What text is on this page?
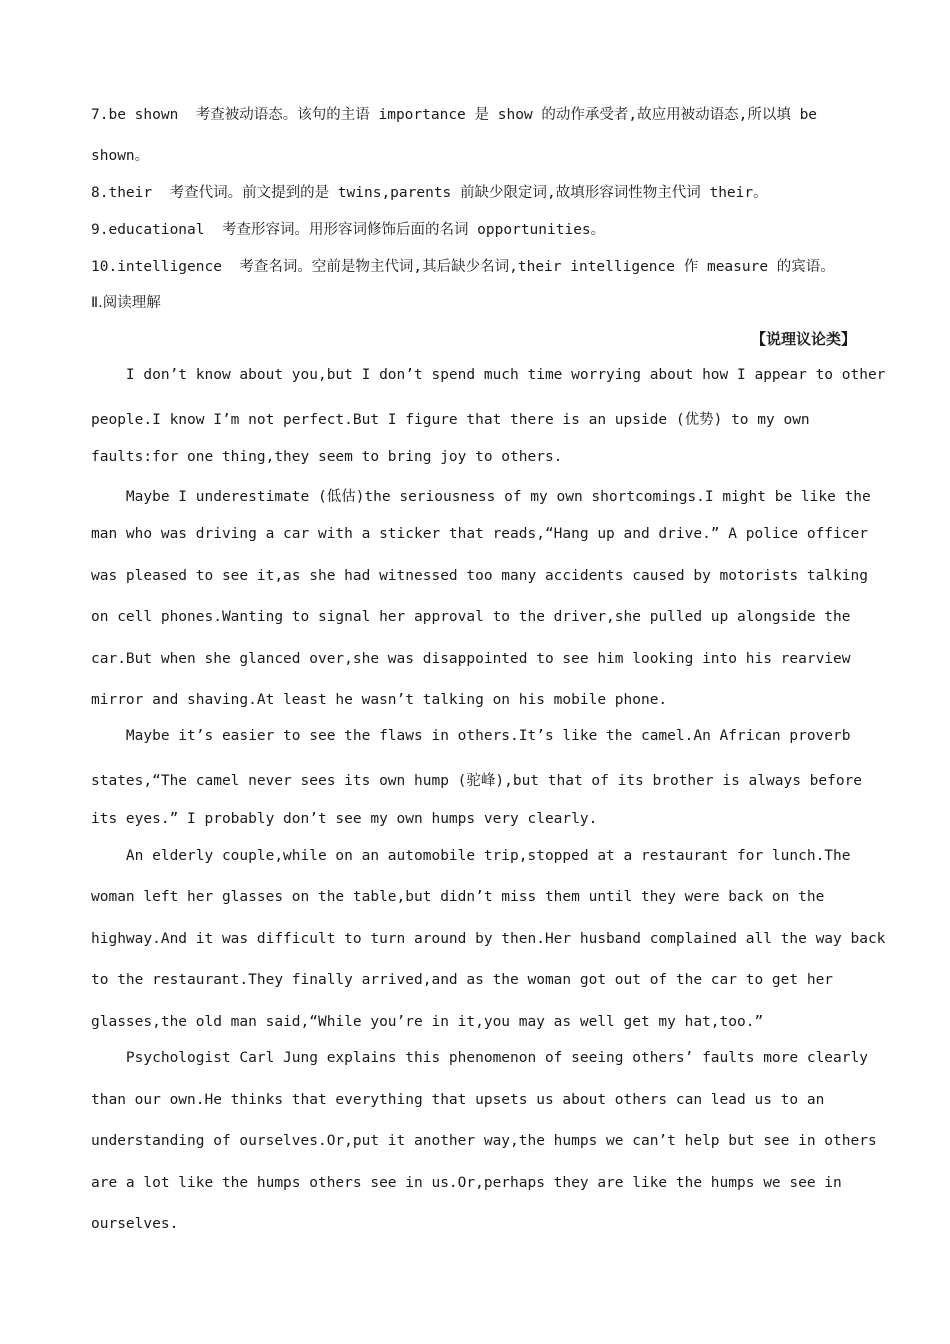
7.be shown  考查被动语态。该句的主语 importance 是 show 的动作承受者,故应用被动语态,所以填 be
shown。
8.their  考查代词。前文提到的是 twins,parents 前缺少限定词,故填形容词性物主代词 their。
9.educational  考查形容词。用形容词修饰后面的名词 opportunities。
10.intelligence  考查名词。空前是物主代词,其后缺少名词,their intelligence 作 measure 的宾语。
Ⅱ.阅读理解
【说理议论类】
I don’t know about you,but I don’t spend much time worrying about how I appear to other
people.I know I’m not perfect.But I figure that there is an upside (优势) to my own
faults:for one thing,they seem to bring joy to others.
Maybe I underestimate (低估)the seriousness of my own shortcomings.I might be like the
man who was driving a car with a sticker that reads,“Hang up and drive.” A police officer
was pleased to see it,as she had witnessed too many accidents caused by motorists talking
on cell phones.Wanting to signal her approval to the driver,she pulled up alongside the
car.But when she glanced over,she was disappointed to see him looking into his rearview
mirror and shaving.At least he wasn’t talking on his mobile phone.
Maybe it’s easier to see the flaws in others.It’s like the camel.An African proverb
states,“The camel never sees its own hump (驼峰),but that of its brother is always before
its eyes.” I probably don’t see my own humps very clearly.
An elderly couple,while on an automobile trip,stopped at a restaurant for lunch.The
woman left her glasses on the table,but didn’t miss them until they were back on the
highway.And it was difficult to turn around by then.Her husband complained all the way back
to the restaurant.They finally arrived,and as the woman got out of the car to get her
glasses,the old man said,“While you’re in it,you may as well get my hat,too.”
Psychologist Carl Jung explains this phenomenon of seeing others’ faults more clearly
than our own.He thinks that everything that upsets us about others can lead us to an
understanding of ourselves.Or,put it another way,the humps we can’t help but see in others
are a lot like the humps others see in us.Or,perhaps they are like the humps we see in
ourselves.
